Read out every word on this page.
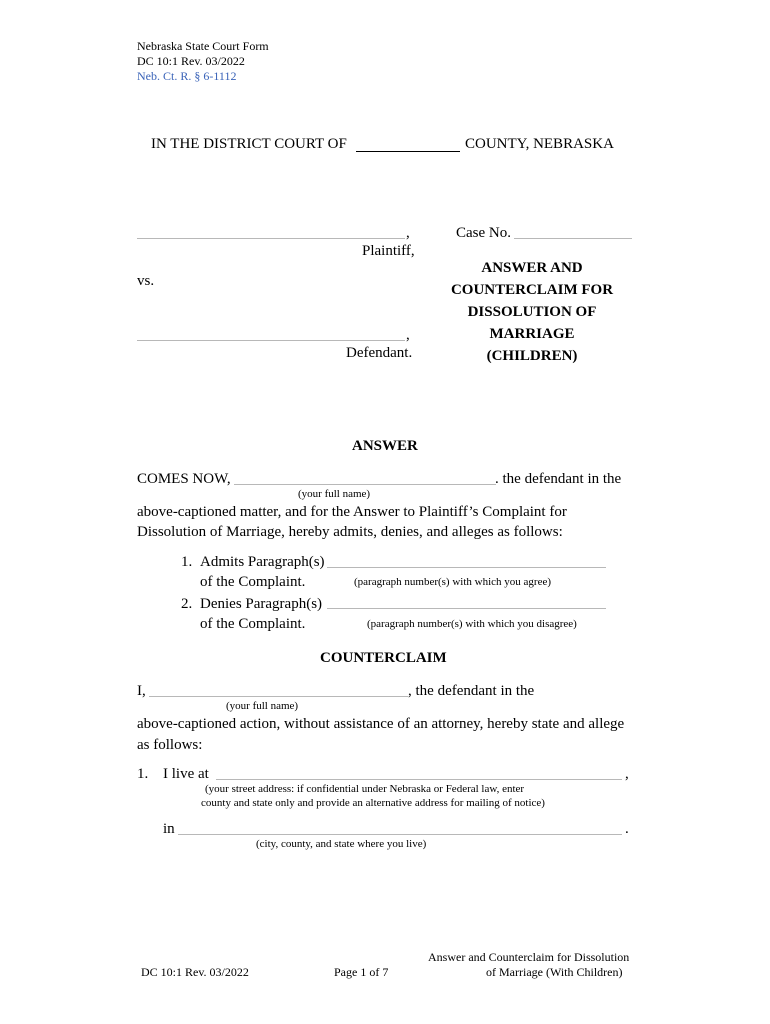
Nebraska State Court Form
DC 10:1 Rev. 03/2022
Neb. Ct. R. § 6-1112
IN THE DISTRICT COURT OF	COUNTY, NEBRASKA
,
Plaintiff,
vs.
,
Defendant.
Case No.
ANSWER AND
COUNTERCLAIM FOR
DISSOLUTION OF
MARRIAGE
(CHILDREN)
ANSWER
COMES NOW,	. the defendant in the
(your full name)
above-captioned matter, and for the Answer to Plaintiff’s Complaint for
Dissolution of Marriage, hereby admits, denies, and alleges as follows:
1. Admits Paragraph(s)
of the Complaint.	(paragraph number(s) with which you agree)
2. Denies Paragraph(s)
of the Complaint.	(paragraph number(s) with which you disagree)
COUNTERCLAIM
I,	, the defendant in the
(your full name)
above-captioned action, without assistance of an attorney, hereby state and allege
as follows:
1. I live at	,
(your street address: if confidential under Nebraska or Federal law, enter
county and state only and provide an alternative address for mailing of notice)
in	.
(city, county, and state where you live)
DC 10:1 Rev. 03/2022	Page 1 of 7
Answer and Counterclaim for Dissolution
of Marriage (With Children)
